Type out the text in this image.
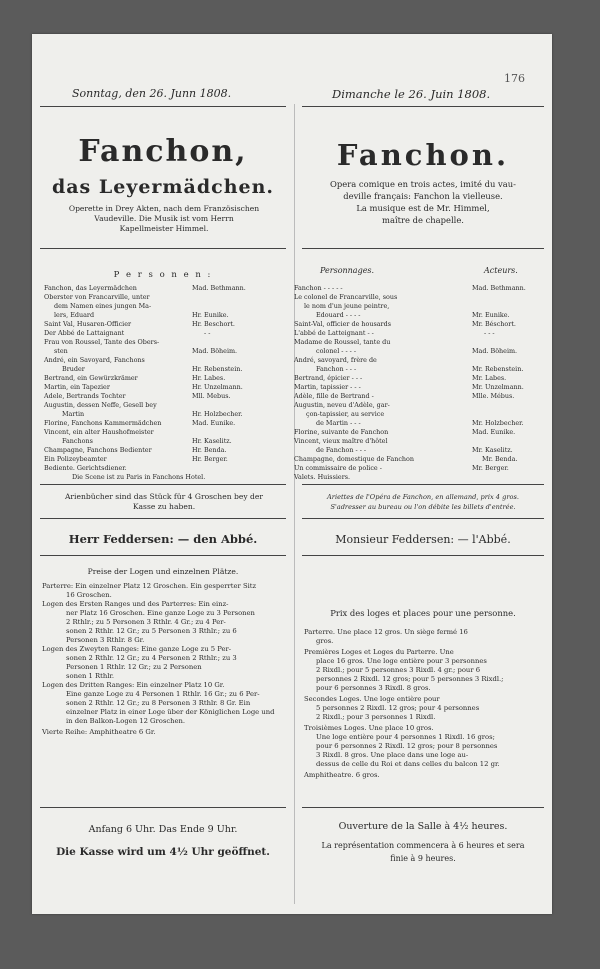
176
Sonntag, den 26. Junn 1808.
Fanchon,
das Leyermädchen.
Operette in Drey Akten, nach dem Französischen
Vaudeville. Die Musik ist vom Herrn
Kapellmeister Himmel.
P e r s o n e n :
Fanchon, das Leyermädchen	Mad. Bethmann.
Oberster von Francarville, unter
dem Namen eines jungen Ma-
lers, Eduard	Hr. Eunike.
Saint Val, Husaren-Officier	Hr. Beschort.
Der Abbé de Lattaignant	- -
Frau von Roussel, Tante des Obers-
sten	Mad. Böheim.
André, ein Savoyard, Fanchons
Bruder	Hr. Rebenstein.
Bertrand, ein Gewürzkrämer	Hr. Labes.
Martin, ein Tapezier	Hr. Unzelmann.
Adele, Bertrands Tochter	Mll. Mebus.
Augustin, dessen Neffe, Gesell bey
Martin	Hr. Holzbecher.
Florine, Fanchons Kammermädchen	Mad. Eunike.
Vincent, ein alter Haushofmeister
Fanchons	Hr. Kaselitz.
Champagne, Fanchons Bedienter	Hr. Benda.
Ein Polizeybeamter	Hr. Berger.
Bediente. Gerichtsdiener.
Die Scene ist zu Paris in Fanchons Hotel.
Arienbücher sind das Stück für 4 Groschen bey der
Kasse zu haben.
Herr Feddersen: — den Abbé.
Preise der Logen und einzelnen Plätze.
Parterre: Ein einzelner Platz 12 Groschen. Ein gesperrter Sitz
16 Groschen.
Logen des Ersten Ranges und des Parterres: Ein einz-
ner Platz 16 Groschen. Eine ganze Loge zu 3 Personen
2 Rthlr.; zu 5 Personen 3 Rthlr. 4 Gr.; zu 4 Per-
sonen 2 Rthlr. 12 Gr.; zu 5 Personen 3 Rthlr.; zu 6
Personen 3 Rthlr. 8 Gr.
Logen des Zweyten Ranges: Eine ganze Loge zu 5 Per-
sonen 2 Rthlr. 12 Gr.; zu 4 Personen 2 Rthlr.; zu 3
Personen 1 Rthlr. 12 Gr.; zu 2 Personen
sonen 1 Rthlr.
Logen des Dritten Ranges: Ein einzelner Platz 10 Gr.
Eine ganze Loge zu 4 Personen 1 Rthlr. 16 Gr.; zu 6 Per-
sonen 2 Rthlr. 12 Gr.; zu 8 Personen 3 Rthlr. 8 Gr. Ein
einzelner Platz in einer Loge über der Königlichen Loge und
in den Balkon-Logen 12 Groschen.
Vierte Reihe: Amphitheatre 6 Gr.
Anfang 6 Uhr. Das Ende 9 Uhr.
Die Kasse wird um 4½ Uhr geöffnet.
Dimanche le 26. Juin 1808.
Fanchon.
Opera comique en trois actes, imité du vau-
deville français: Fanchon la vielleuse.
La musique est de Mr. Himmel,
maître de chapelle.
Personnages.	Acteurs.
Fanchon - - - - -	Mad. Bethmann.
Le colonel de Francarville, sous
le nom d'un jeune peintre,
Edouard - - - -	Mr. Eunike.
Saint-Val, officier de housards	Mr. Béschort.
L'abbé de Latteignant - -	- - -
Madame de Roussel, tante du
colonel - - - -	Mad. Böheim.
André, savoyard, frère de
Fanchon - - -	Mr. Rebenstein.
Bertrand, épicier - - -	Mr. Labes.
Martin, tapissier - - -	Mr. Unzelmann.
Adèle, fille de Bertrand -	Mlle. Mébus.
Augustin, neveu d'Adèle, gar-
çon-tapissier, au service
de Martin - - -	Mr. Holzbecher.
Florine, suivante de Fanchon	Mad. Eunike.
Vincent, vieux maître d'hôtel
de Fanchon - - -	Mr. Kaselitz.
Champagne, domestique de Fanchon	Mr. Benda.
Un commissaire de police -	Mr. Berger.
Valets. Huissiers.
Ariettes de l'Opéra de Fanchon, en allemand, prix 4 gros.
S'adresser au bureau ou l'on débite les billets d'entrée.
Monsieur Feddersen: — l'Abbé.
Prix des loges et places pour une personne.
Parterre. Une place 12 gros. Un siège fermé 16
gros.
Premières Loges et Loges du Parterre. Une
place 16 gros. Une loge entière pour 3 personnes
2 Rixdl.; pour 5 personnes 3 Rixdl. 4 gr.; pour 6
personnes 2 Rixdl. 12 gros; pour 5 personnes 3 Rixdl.;
pour 6 personnes 3 Rixdl. 8 gros.
Secondes Loges. Une loge entière pour
5 personnes 2 Rixdl. 12 gros; pour 4 personnes
2 Rixdl.; pour 3 personnes 1 Rixdl.
Troisièmes Loges. Une place 10 gros.
Une loge entière pour 4 personnes 1 Rixdl. 16 gros;
pour 6 personnes 2 Rixdl. 12 gros; pour 8 personnes
3 Rixdl. 8 gros. Une place dans une loge au-
dessus de celle du Roi et dans celles du balcon 12 gr.
Amphitheatre. 6 gros.
Ouverture de la Salle à 4½ heures.
La représentation commencera à 6 heures et sera
finie à 9 heures.
